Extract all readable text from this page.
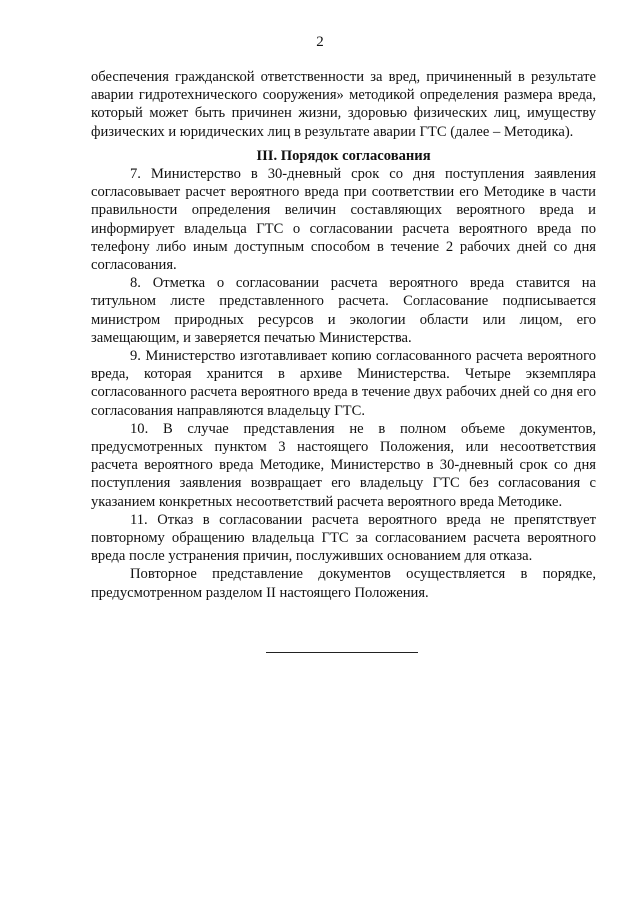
2

обеспечения гражданской ответственности за вред, причиненный в результате аварии гидротехнического сооружения» методикой определения размера вреда, который может быть причинен жизни, здоровью физических лиц, имуществу физических и юридических лиц в результате аварии ГТС (далее – Методика).

III. Порядок согласования

7. Министерство в 30-дневный срок со дня поступления заявления согласовывает расчет вероятного вреда при соответствии его Методике в части правильности определения величин составляющих вероятного вреда и информирует владельца ГТС о согласовании расчета вероятного вреда по телефону либо иным доступным способом в течение 2 рабочих дней со дня согласования.

8. Отметка о согласовании расчета вероятного вреда ставится на титульном листе представленного расчета. Согласование подписывается министром природных ресурсов и экологии области или лицом, его замещающим, и заверяется печатью Министерства.

9. Министерство изготавливает копию согласованного расчета вероятного вреда, которая хранится в архиве Министерства. Четыре экземпляра согласованного расчета вероятного вреда в течение двух рабочих дней со дня его согласования направляются владельцу ГТС.

10. В случае представления не в полном объеме документов, предусмотренных пунктом 3 настоящего Положения, или несоответствия расчета вероятного вреда Методике, Министерство в 30-дневный срок со дня поступления заявления возвращает его владельцу ГТС без согласования с указанием конкретных несоответствий расчета вероятного вреда Методике.

11. Отказ в согласовании расчета вероятного вреда не препятствует повторному обращению владельца ГТС за согласованием расчета вероятного вреда после устранения причин, послуживших основанием для отказа.

Повторное представление документов осуществляется в порядке, предусмотренном разделом II настоящего Положения.
